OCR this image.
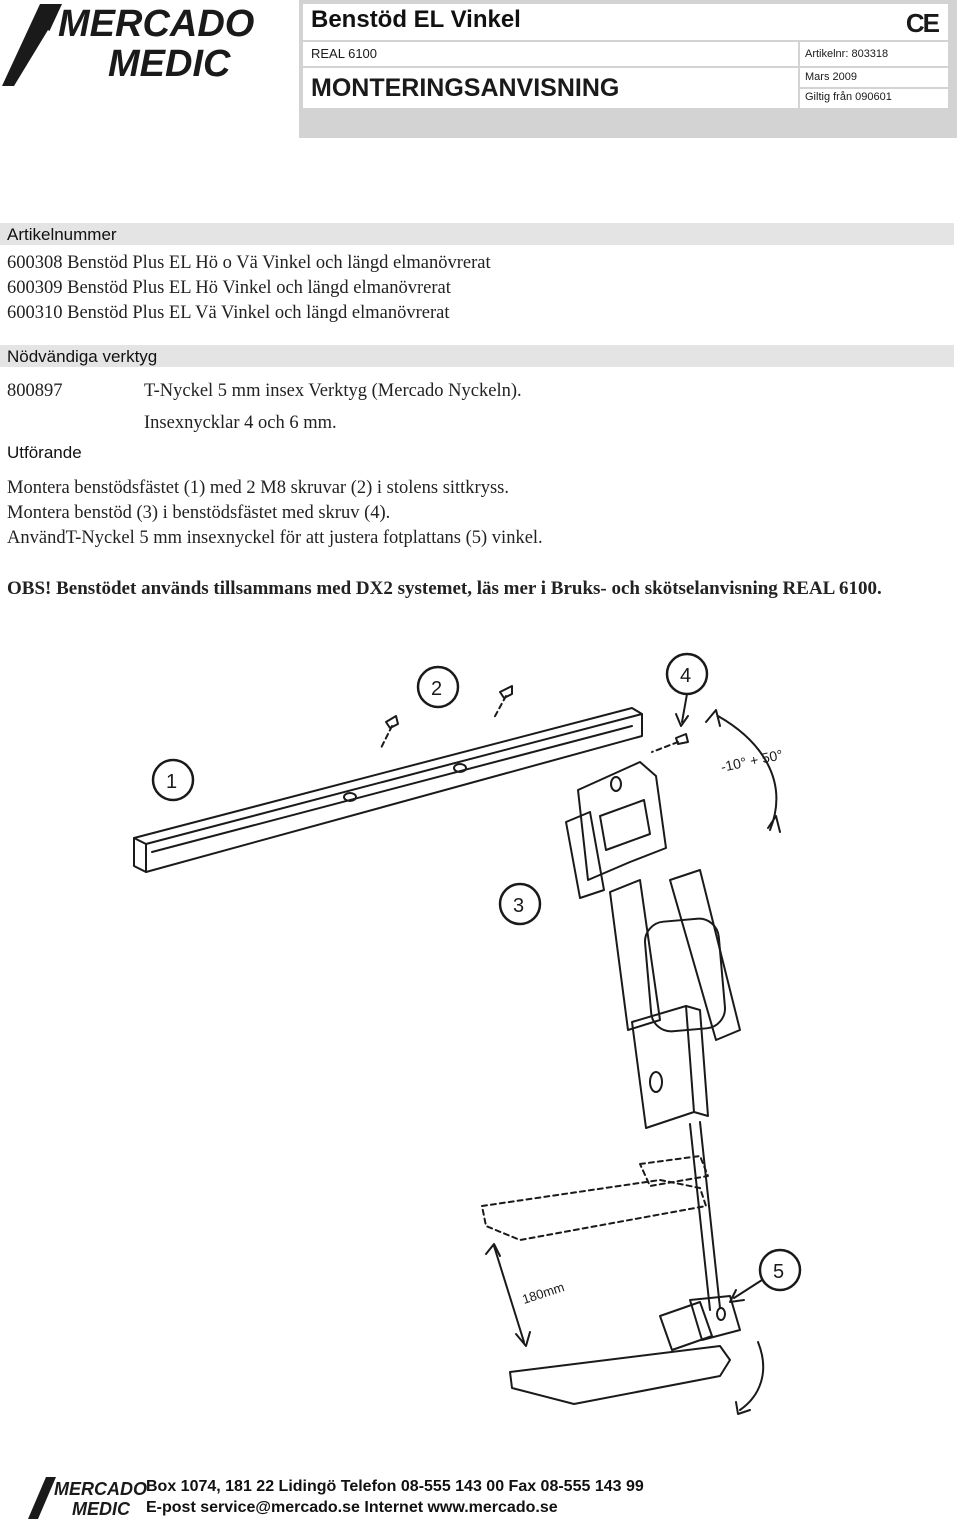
MERCADO
MEDIC
Benstöd EL Vinkel	CE
REAL 6100	Artikelnr: 803318
MONTERINGSANVISNING	Mars 2009
Giltig från 090601
Artikelnummer
600308 Benstöd Plus EL Hö o Vä Vinkel och längd elmanövrerat
600309 Benstöd Plus EL Hö Vinkel och längd elmanövrerat
600310 Benstöd Plus EL Vä Vinkel och längd elmanövrerat
Nödvändiga verktyg
800897	T-Nyckel 5 mm insex Verktyg (Mercado Nyckeln).
Insexnycklar 4 och 6 mm.
Utförande
Montera benstödsfästet (1) med 2 M8 skruvar (2) i stolens sittkryss.
Montera benstöd (3) i benstödsfästet med skruv (4).
AnvändT-Nyckel 5 mm insexnyckel för att justera fotplattans (5) vinkel.
OBS! Benstödet används tillsammans med DX2 systemet, läs mer i Bruks- och skötselanvisning REAL 6100.
1
2
3
4
5
-10° + 50°
180mm
MERCADO
MEDIC
Box 1074, 181 22 Lidingö Telefon 08-555 143 00 Fax 08-555 143 99
E-post service@mercado.se Internet www.mercado.se
